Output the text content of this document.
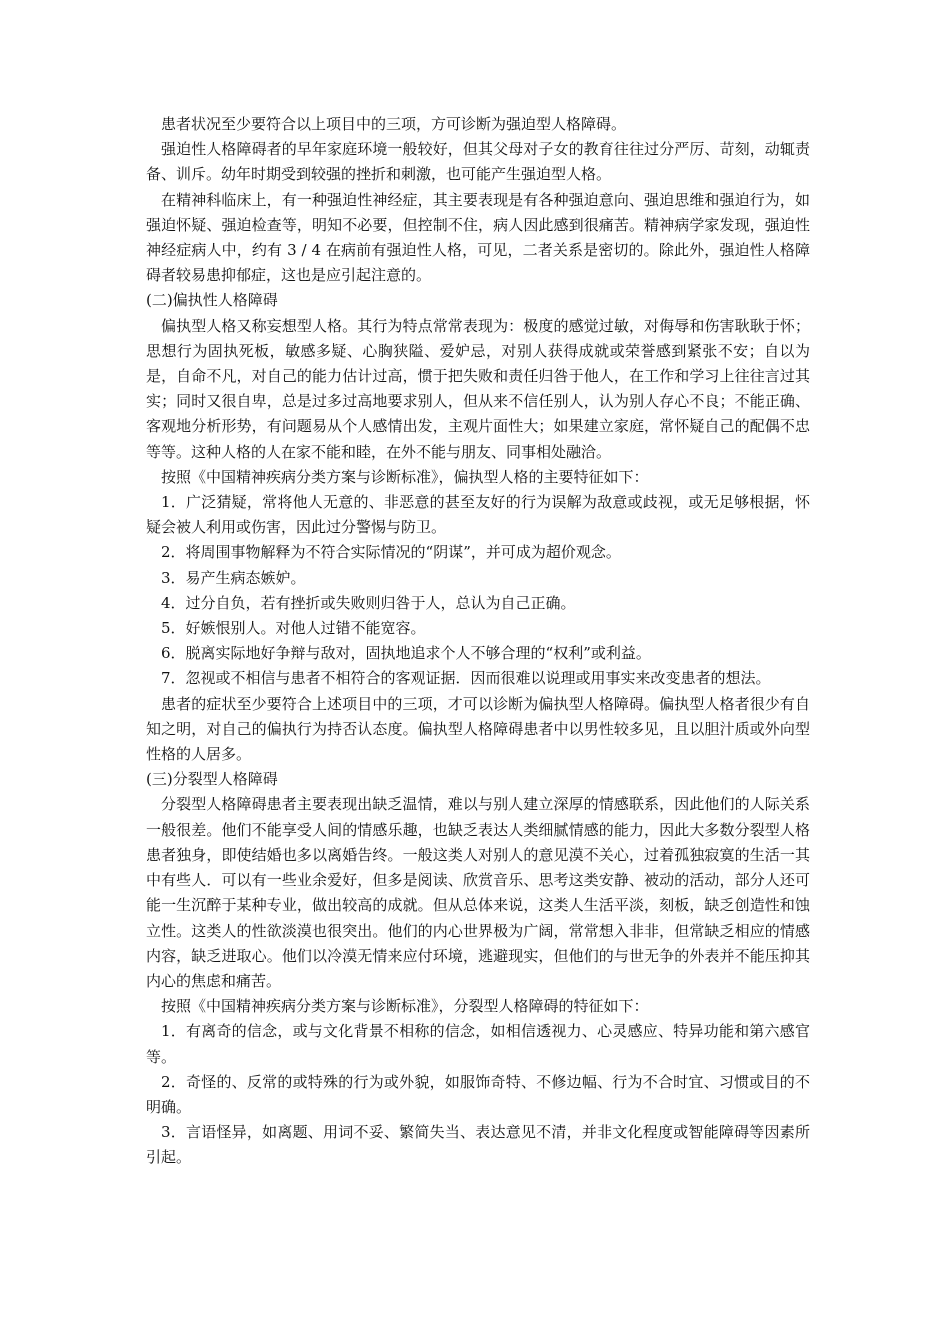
患者状况至少要符合以上项目中的三项，方可诊断为强迫型人格障碍。

强迫性人格障碍者的早年家庭环境一般较好，但其父母对子女的教育往往过分严厉、苛刻，动辄责备、训斥。幼年时期受到较强的挫折和刺激，也可能产生强迫型人格。

在精神科临床上，有一种强迫性神经症，其主要表现是有各种强迫意向、强迫思维和强迫行为，如强迫怀疑、强迫检查等，明知不必要，但控制不住，病人因此感到很痛苦。精神病学家发现，强迫性神经症病人中，约有 3 / 4 在病前有强迫性人格，可见，二者关系是密切的。除此外，强迫性人格障碍者较易患抑郁症，这也是应引起注意的。

(二)偏执性人格障碍

偏执型人格又称妄想型人格。其行为特点常常表现为：极度的感觉过敏，对侮辱和伤害耿耿于怀；思想行为固执死板，敏感多疑、心胸狭隘、爱妒忌，对别人获得成就或荣誉感到紧张不安；自以为是，自命不凡，对自己的能力估计过高，惯于把失败和责任归咎于他人，在工作和学习上往往言过其实；同时又很自卑，总是过多过高地要求别人，但从来不信任别人，认为别人存心不良；不能正确、客观地分析形势，有问题易从个人感情出发，主观片面性大；如果建立家庭，常怀疑自己的配偶不忠等等。这种人格的人在家不能和睦，在外不能与朋友、同事相处融洽。

按照《中国精神疾病分类方案与诊断标准》，偏执型人格的主要特征如下：

1．广泛猜疑，常将他人无意的、非恶意的甚至友好的行为误解为敌意或歧视，或无足够根据，怀疑会被人利用或伤害，因此过分警惕与防卫。

2．将周围事物解释为不符合实际情况的“阴谋”，并可成为超价观念。

3．易产生病态嫉妒。

4．过分自负，若有挫折或失败则归咎于人，总认为自己正确。

5．好嫉恨别人。对他人过错不能宽容。

6．脱离实际地好争辩与敌对，固执地追求个人不够合理的“权利”或利益。

7．忽视或不相信与患者不相符合的客观证据．因而很难以说理或用事实来改变患者的想法。

患者的症状至少要符合上述项目中的三项，才可以诊断为偏执型人格障碍。偏执型人格者很少有自知之明，对自己的偏执行为持否认态度。偏执型人格障碍患者中以男性较多见，且以胆汁质或外向型性格的人居多。

(三)分裂型人格障碍

分裂型人格障碍患者主要表现出缺乏温情，难以与别人建立深厚的情感联系，因此他们的人际关系一般很差。他们不能享受人间的情感乐趣，也缺乏表达人类细腻情感的能力，因此大多数分裂型人格患者独身，即使结婚也多以离婚告终。一般这类人对别人的意见漠不关心，过着孤独寂寞的生活一其中有些人．可以有一些业余爱好，但多是阅读、欣赏音乐、思考这类安静、被动的活动，部分人还可能一生沉醉于某种专业，做出较高的成就。但从总体来说，这类人生活平淡，刻板，缺乏创造性和蚀立性。这类人的性欲淡漠也很突出。他们的内心世界极为广阔，常常想入非非，但常缺乏相应的情感内容，缺乏进取心。他们以冷漠无情来应付环境，逃避现实，但他们的与世无争的外表并不能压抑其内心的焦虑和痛苦。

按照《中国精神疾病分类方案与诊断标准》，分裂型人格障碍的特征如下：

1．有离奇的信念，或与文化背景不相称的信念，如相信透视力、心灵感应、特异功能和第六感官等。

2．奇怪的、反常的或特殊的行为或外貌，如服饰奇特、不修边幅、行为不合时宜、习惯或目的不明确。

3．言语怪异，如离题、用词不妥、繁简失当、表达意见不清，并非文化程度或智能障碍等因素所引起。
